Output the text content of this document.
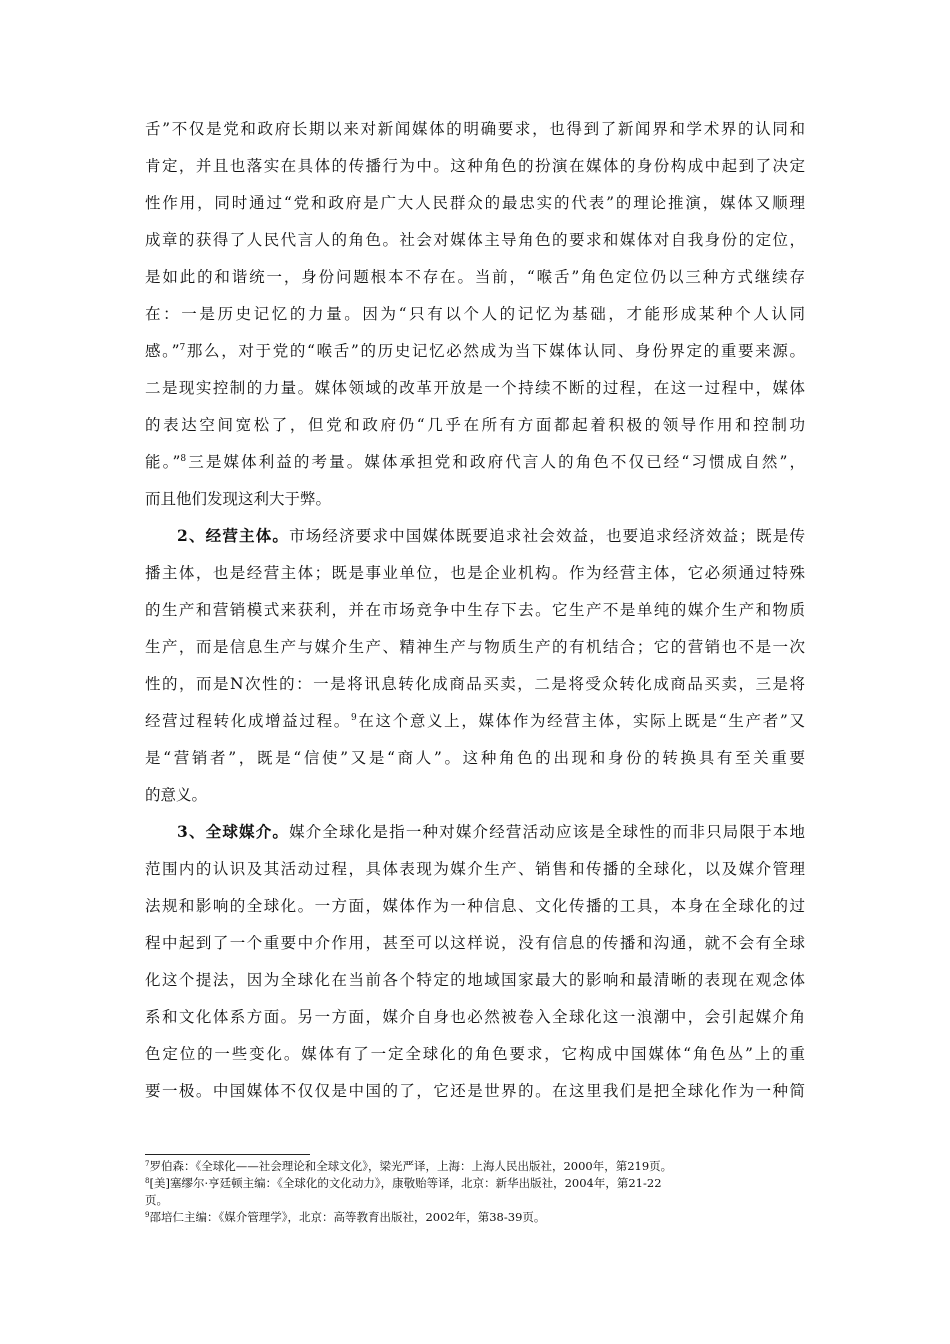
舌”不仅是党和政府长期以来对新闻媒体的明确要求，也得到了新闻界和学术界的认同和
肯定，并且也落实在具体的传播行为中。这种角色的扮演在媒体的身份构成中起到了决定
性作用，同时通过“党和政府是广大人民群众的最忠实的代表”的理论推演，媒体又顺理
成章的获得了人民代言人的角色。社会对媒体主导角色的要求和媒体对自我身份的定位，
是如此的和谐统一，身份问题根本不存在。当前，“喉舌”角色定位仍以三种方式继续存
在：一是历史记忆的力量。因为“只有以个人的记忆为基础，才能形成某种个人认同
感。”$^7$那么，对于党的“喉舌”的历史记忆必然成为当下媒体认同、身份界定的重要来源。
二是现实控制的力量。媒体领域的改革开放是一个持续不断的过程，在这一过程中，媒体
的表达空间宽松了，但党和政府仍“几乎在所有方面都起着积极的领导作用和控制功
能。”$^8$三是媒体利益的考量。媒体承担党和政府代言人的角色不仅已经“习惯成自然”，
而且他们发现这利大于弊。
2、经营主体。市场经济要求中国媒体既要追求社会效益，也要追求经济效益；既是传
播主体，也是经营主体；既是事业单位，也是企业机构。作为经营主体，它必须通过特殊
的生产和营销模式来获利，并在市场竞争中生存下去。它生产不是单纯的媒介生产和物质
生产，而是信息生产与媒介生产、精神生产与物质生产的有机结合；它的营销也不是一次
性的，而是N次性的：一是将讯息转化成商品买卖，二是将受众转化成商品买卖，三是将
经营过程转化成增益过程。$^9$在这个意义上，媒体作为经营主体，实际上既是“生产者”又
是“营销者”，既是“信使”又是“商人”。这种角色的出现和身份的转换具有至关重要
的意义。
3、全球媒介。媒介全球化是指一种对媒介经营活动应该是全球性的而非只局限于本地
范围内的认识及其活动过程，具体表现为媒介生产、销售和传播的全球化，以及媒介管理
法规和影响的全球化。一方面，媒体作为一种信息、文化传播的工具，本身在全球化的过
程中起到了一个重要中介作用，甚至可以这样说，没有信息的传播和沟通，就不会有全球
化这个提法，因为全球化在当前各个特定的地域国家最大的影响和最清晰的表现在观念体
系和文化体系方面。另一方面，媒介自身也必然被卷入全球化这一浪潮中，会引起媒介角
色定位的一些变化。媒体有了一定全球化的角色要求，它构成中国媒体“角色丛”上的重
要一极。中国媒体不仅仅是中国的了，它还是世界的。在这里我们是把全球化作为一种简
$^7$罗伯森：《全球化——社会理论和全球文化》，梁光严译，上海：上海人民出版社，2000年，第219页。
$^8$[美]塞缪尔·亨廷顿主编：《全球化的文化动力》，康敬贻等译，北京：新华出版社，2004年，第21-22
页。
$^9$邵培仁主编：《媒介管理学》，北京：高等教育出版社，2002年，第38-39页。
